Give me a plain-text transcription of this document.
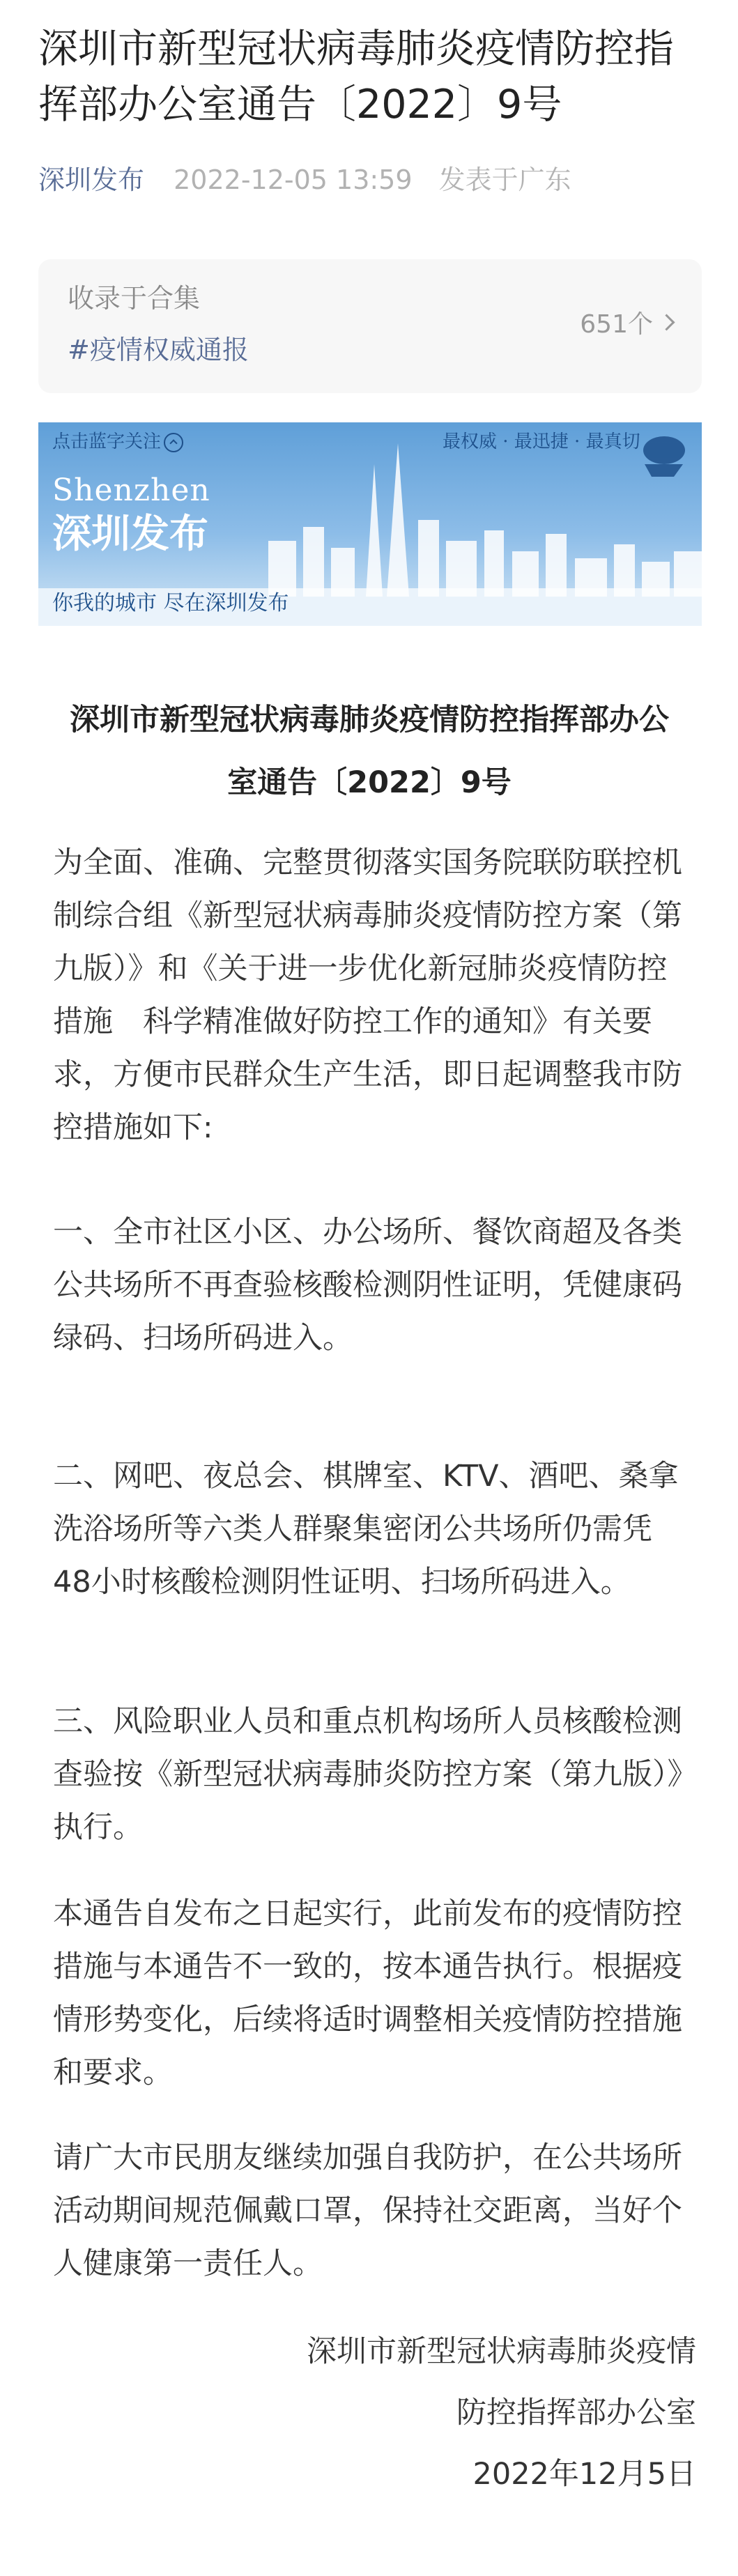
深圳市新型冠状病毒肺炎疫情防控指挥部办公室通告〔2022〕9号
深圳发布 2022-12-05 13:59 发表于广东
收录于合集
#疫情权威通报
651个
点击蓝字关注	最权威 · 最迅捷 · 最真切
Shenzhen
深圳发布
你我的城市 尽在深圳发布
深圳市新型冠状病毒肺炎疫情防控指挥部办公室通告〔2022〕9号

为全面、准确、完整贯彻落实国务院联防联控机制综合组《新型冠状病毒肺炎疫情防控方案（第九版）》和《关于进一步优化新冠肺炎疫情防控措施　科学精准做好防控工作的通知》有关要求，方便市民群众生产生活，即日起调整我市防控措施如下:

一、全市社区小区、办公场所、餐饮商超及各类公共场所不再查验核酸检测阴性证明，凭健康码绿码、扫场所码进入。

二、网吧、夜总会、棋牌室、KTV、酒吧、桑拿洗浴场所等六类人群聚集密闭公共场所仍需凭48小时核酸检测阴性证明、扫场所码进入。

三、风险职业人员和重点机构场所人员核酸检测查验按《新型冠状病毒肺炎防控方案（第九版）》执行。

本通告自发布之日起实行，此前发布的疫情防控措施与本通告不一致的，按本通告执行。根据疫情形势变化，后续将适时调整相关疫情防控措施和要求。

请广大市民朋友继续加强自我防护，在公共场所活动期间规范佩戴口罩，保持社交距离，当好个人健康第一责任人。

深圳市新型冠状病毒肺炎疫情
防控指挥部办公室
2022年12月5日
